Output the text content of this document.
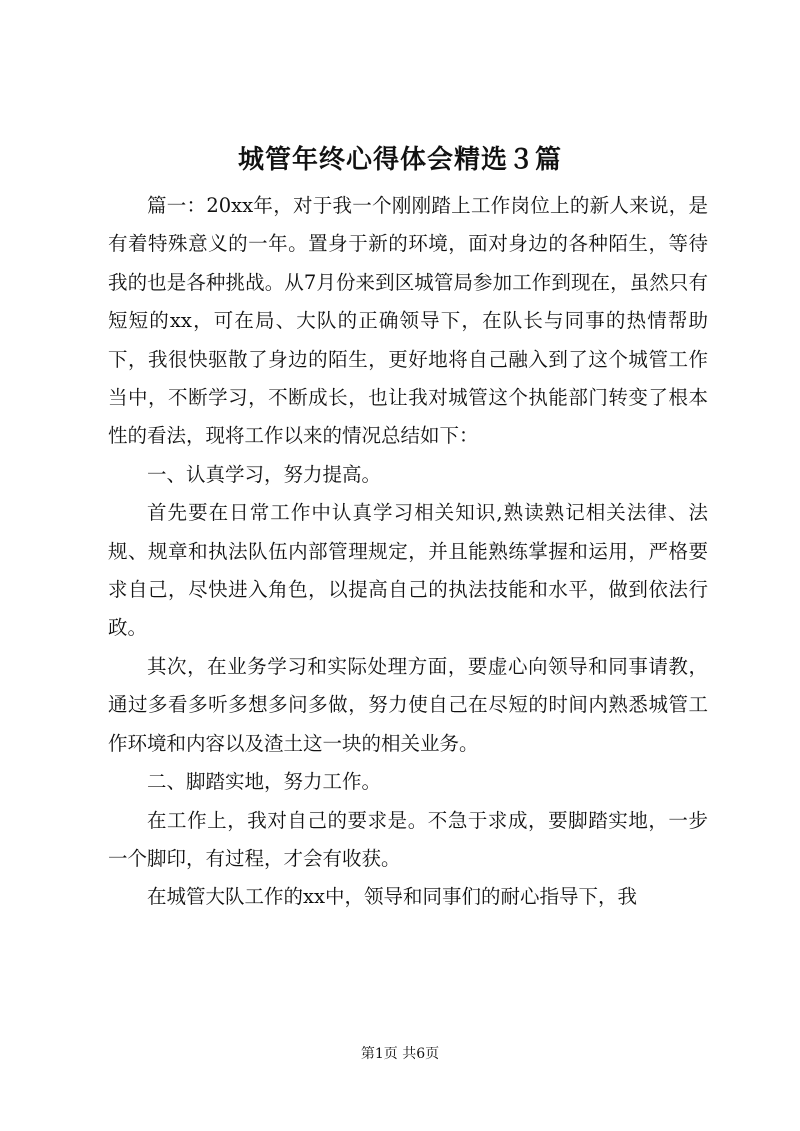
城管年终心得体会精选３篇

篇一：20xx年，对于我一个刚刚踏上工作岗位上的新人来说，是有着特殊意义的一年。置身于新的环境，面对身边的各种陌生，等待我的也是各种挑战。从7月份来到区城管局参加工作到现在，虽然只有短短的xx，可在局、大队的正确领导下，在队长与同事的热情帮助下，我很快驱散了身边的陌生，更好地将自己融入到了这个城管工作当中，不断学习，不断成长，也让我对城管这个执能部门转变了根本性的看法，现将工作以来的情况总结如下：

一、认真学习，努力提高。

首先要在日常工作中认真学习相关知识,熟读熟记相关法律、法规、规章和执法队伍内部管理规定，并且能熟练掌握和运用，严格要求自己，尽快进入角色，以提高自己的执法技能和水平，做到依法行政。

其次，在业务学习和实际处理方面，要虚心向领导和同事请教，通过多看多听多想多问多做，努力使自己在尽短的时间内熟悉城管工作环境和内容以及渣土这一块的相关业务。

二、脚踏实地，努力工作。

在工作上，我对自己的要求是。不急于求成，要脚踏实地，一步一个脚印，有过程，才会有收获。

在城管大队工作的xx中，领导和同事们的耐心指导下，我

第1页 共6页
